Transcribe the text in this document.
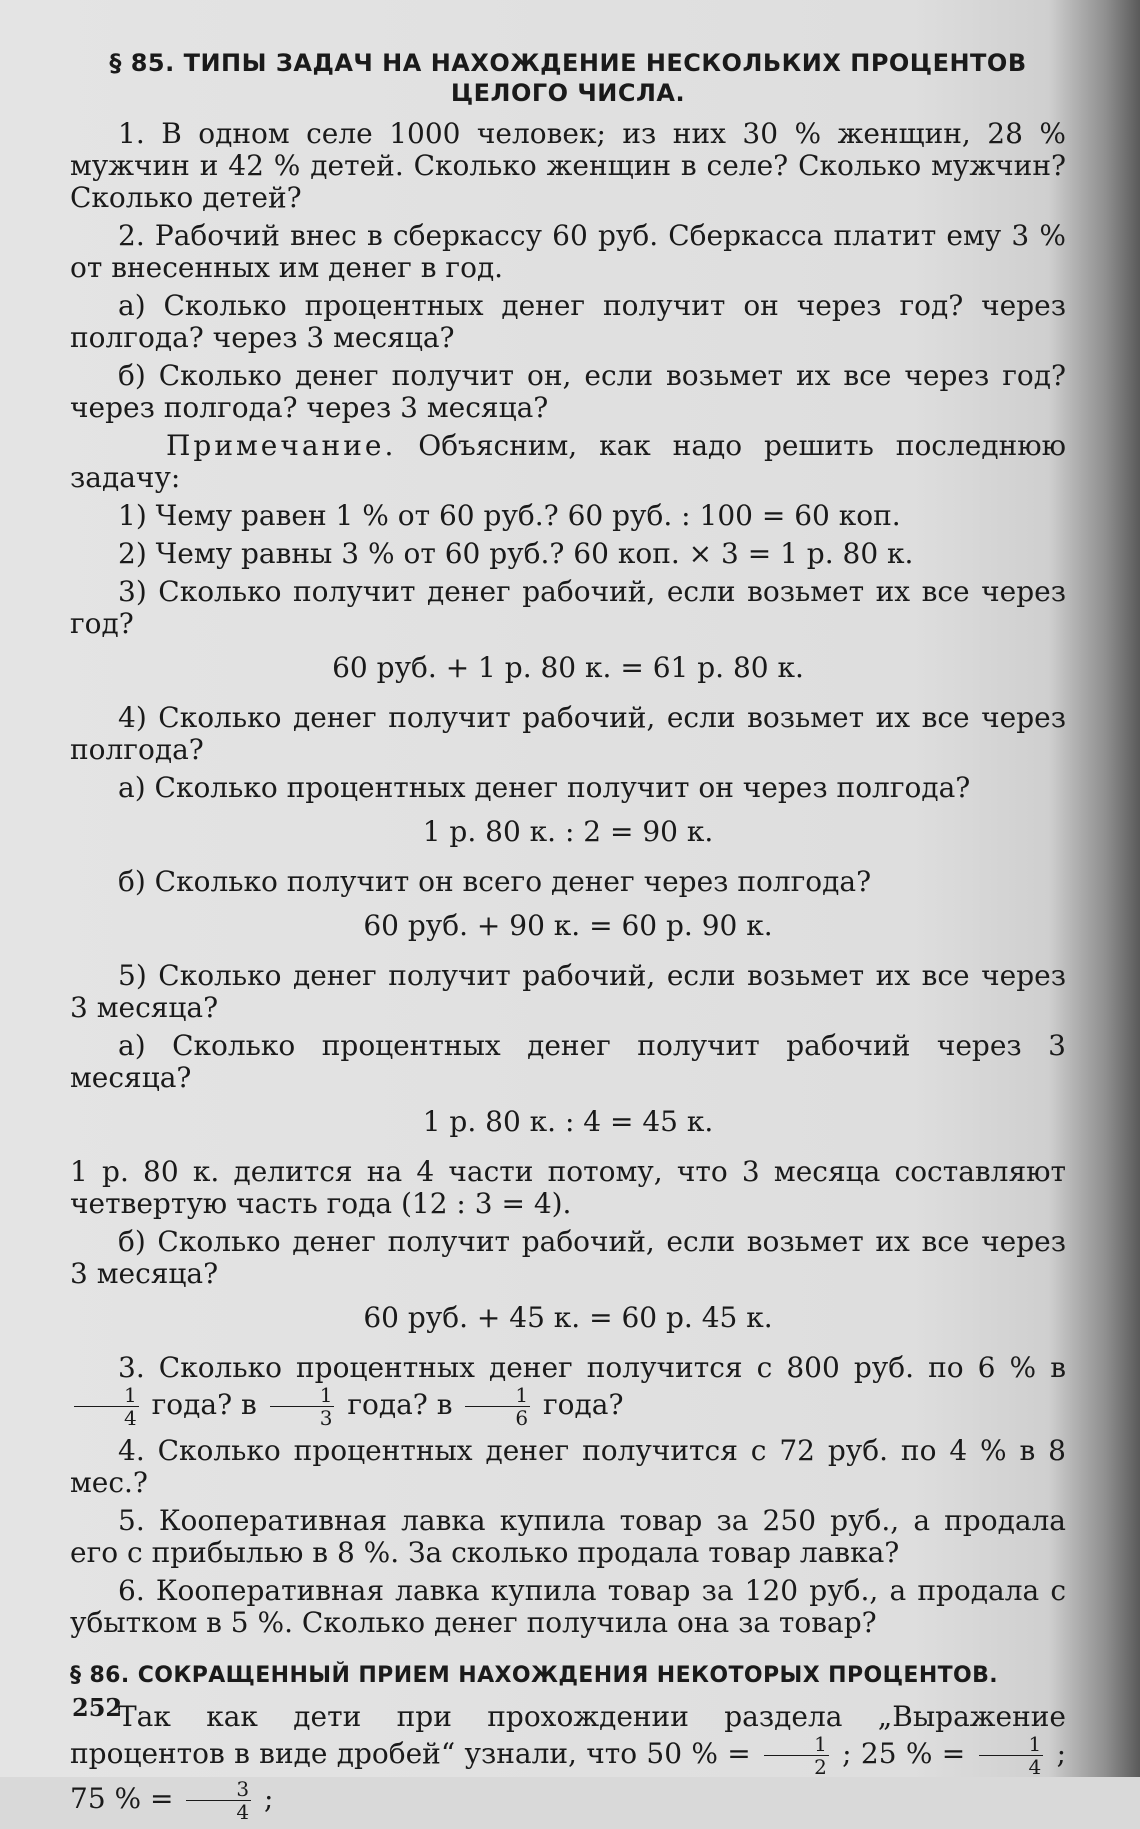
§ 85. ТИПЫ ЗАДАЧ НА НАХОЖДЕНИЕ НЕСКОЛЬКИХ ПРОЦЕНТОВ
ЦЕЛОГО ЧИСЛА.

1. В одном селе 1000 человек; из них 30 % женщин, 28 % мужчин и 42 % детей. Сколько женщин в селе? Сколько мужчин? Сколько детей?

2. Рабочий внес в сберкассу 60 руб. Сберкасса платит ему 3 % от внесенных им денег в год.

а) Сколько процентных денег получит он через год? через полгода? через 3 месяца?

б) Сколько денег получит он, если возьмет их все через год? через полгода? через 3 месяца?

Примечание. Объясним, как надо решить последнюю задачу:

1) Чему равен 1 % от 60 руб.? 60 руб. : 100 = 60 коп.

2) Чему равны 3 % от 60 руб.? 60 коп. × 3 = 1 р. 80 к.

3) Сколько получит денег рабочий, если возьмет их все через год?

60 руб. + 1 р. 80 к. = 61 р. 80 к.

4) Сколько денег получит рабочий, если возьмет их все через полгода?

а) Сколько процентных денег получит он через полгода?

1 р. 80 к. : 2 = 90 к.

б) Сколько получит он всего денег через полгода?

60 руб. + 90 к. = 60 р. 90 к.

5) Сколько денег получит рабочий, если возьмет их все через 3 месяца?

а) Сколько процентных денег получит рабочий через 3 месяца?

1 р. 80 к. : 4 = 45 к.

1 р. 80 к. делится на 4 части потому, что 3 месяца составляют четвертую часть года (12 : 3 = 4).

б) Сколько денег получит рабочий, если возьмет их все через 3 месяца?

60 руб. + 45 к. = 60 р. 45 к.

3. Сколько процентных денег получится с 800 руб. по 6 % в
$\frac{1}{4}$ года? в $\frac{1}{3}$ года? в $\frac{1}{6}$ года?

4. Сколько процентных денег получится с 72 руб. по 4 % в 8 мес.?

5. Кооперативная лавка купила товар за 250 руб., а продала его с прибылью в 8 %. За сколько продала товар лавка?

6. Кооперативная лавка купила товар за 120 руб., а продала с убытком в 5 %. Сколько денег получила она за товар?

§ 86. СОКРАЩЕННЫЙ ПРИЕМ НАХОЖДЕНИЯ НЕКОТОРЫХ ПРОЦЕНТОВ.

Так как дети при прохождении раздела „Выражение процентов в виде дробей“ узнали, что 50 % = $\frac{1}{2}$ ; 25 % = $\frac{1}{4}$ ; 75 % = $\frac{3}{4}$ ;

252
